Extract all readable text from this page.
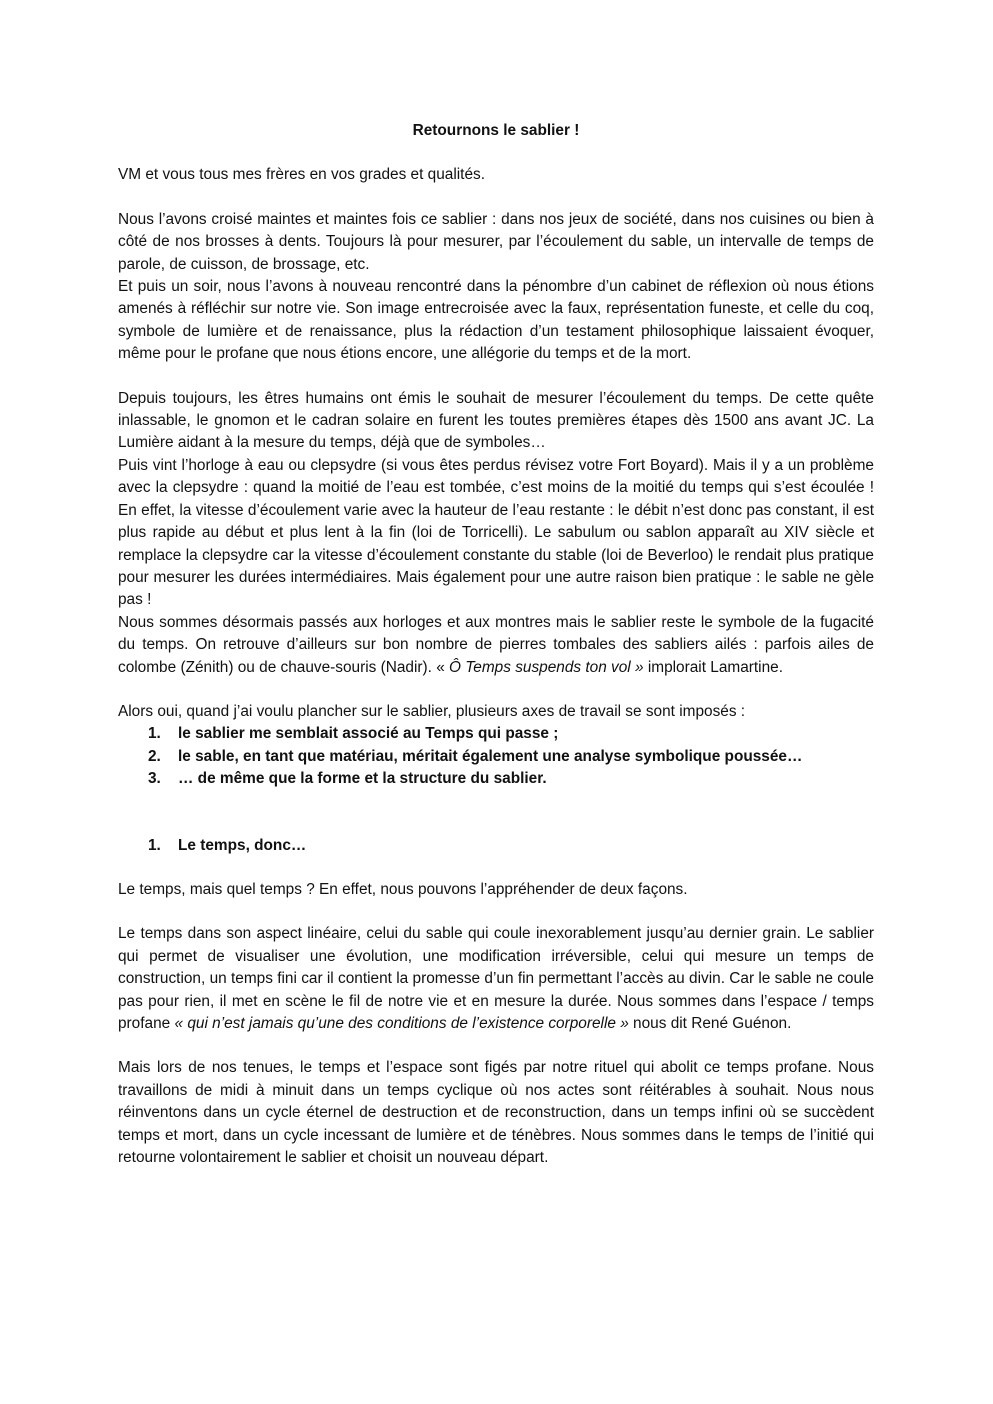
Retournons le sablier !

VM et vous tous mes frères en vos grades et qualités.

Nous l’avons croisé maintes et maintes fois ce sablier : dans nos jeux de société, dans nos cuisines ou bien à côté de nos brosses à dents. Toujours là pour mesurer, par l’écoulement du sable, un intervalle de temps de parole, de cuisson, de brossage, etc.

Et puis un soir, nous l’avons à nouveau rencontré dans la pénombre d’un cabinet de réflexion où nous étions amenés à réfléchir sur notre vie. Son image entrecroisée avec la faux, représentation funeste, et celle du coq, symbole de lumière et de renaissance, plus la rédaction d’un testament philosophique laissaient évoquer, même pour le profane que nous étions encore, une allégorie du temps et de la mort.

Depuis toujours, les êtres humains ont émis le souhait de mesurer l’écoulement du temps. De cette quête inlassable, le gnomon et le cadran solaire en furent les toutes premières étapes dès 1500 ans avant JC. La Lumière aidant à la mesure du temps, déjà que de symboles…

Puis vint l’horloge à eau ou clepsydre (si vous êtes perdus révisez votre Fort Boyard). Mais il y a un problème avec la clepsydre : quand la moitié de l’eau est tombée, c’est moins de la moitié du temps qui s’est écoulée ! En effet, la vitesse d’écoulement varie avec la hauteur de l’eau restante : le débit n’est donc pas constant, il est plus rapide au début et plus lent à la fin (loi de Torricelli). Le sabulum ou sablon apparaît au XIV siècle et remplace la clepsydre car la vitesse d’écoulement constante du stable (loi de Beverloo) le rendait plus pratique pour mesurer les durées intermédiaires. Mais également pour une autre raison bien pratique : le sable ne gèle pas !

Nous sommes désormais passés aux horloges et aux montres mais le sablier reste le symbole de la fugacité du temps. On retrouve d’ailleurs sur bon nombre de pierres tombales des sabliers ailés : parfois ailes de colombe (Zénith) ou de chauve-souris (Nadir). « Ô Temps suspends ton vol » implorait Lamartine.

Alors oui, quand j’ai voulu plancher sur le sablier, plusieurs axes de travail se sont imposés :

1. le sablier me semblait associé au Temps qui passe ;
2. le sable, en tant que matériau, méritait également une analyse symbolique poussée…
3. … de même que la forme et la structure du sablier.
1. Le temps, donc…

Le temps, mais quel temps ? En effet, nous pouvons l’appréhender de deux façons.

Le temps dans son aspect linéaire, celui du sable qui coule inexorablement jusqu’au dernier grain. Le sablier qui permet de visualiser une évolution, une modification irréversible, celui qui mesure un temps de construction, un temps fini car il contient la promesse d’un fin permettant l’accès au divin. Car le sable ne coule pas pour rien, il met en scène le fil de notre vie et en mesure la durée. Nous sommes dans l’espace / temps profane « qui n’est jamais qu’une des conditions de l’existence corporelle » nous dit René Guénon.

Mais lors de nos tenues, le temps et l’espace sont figés par notre rituel qui abolit ce temps profane. Nous travaillons de midi à minuit dans un temps cyclique où nos actes sont réitérables à souhait. Nous nous réinventons dans un cycle éternel de destruction et de reconstruction, dans un temps infini où se succèdent temps et mort, dans un cycle incessant de lumière et de ténèbres. Nous sommes dans le temps de l’initié qui retourne volontairement le sablier et choisit un nouveau départ.
